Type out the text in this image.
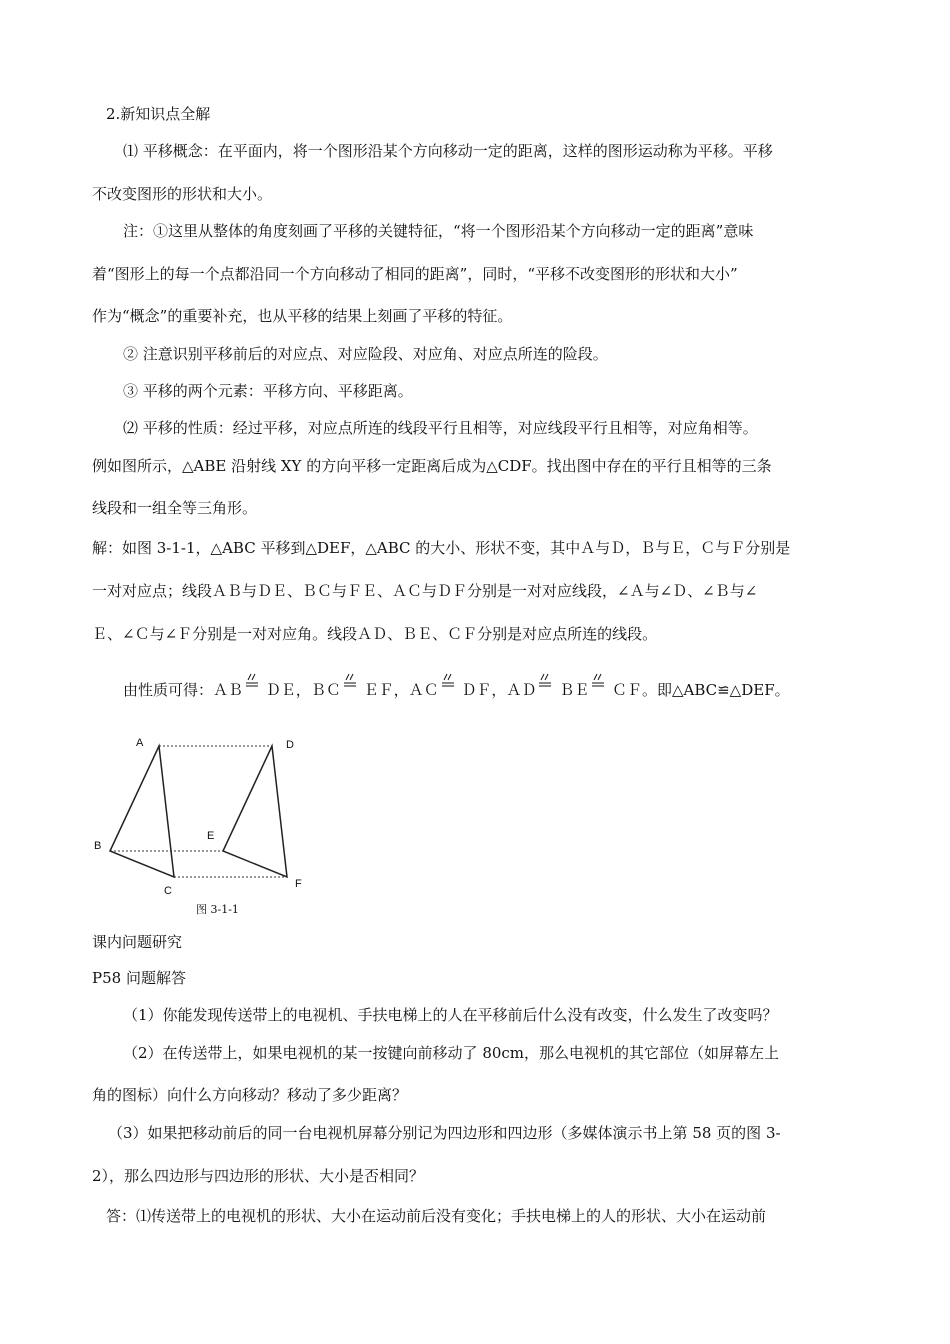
2.新知识点全解
⑴ 平移概念：在平面内，将一个图形沿某个方向移动一定的距离，这样的图形运动称为平移。平移
不改变图形的形状和大小。
注：①这里从整体的角度刻画了平移的关键特征，“将一个图形沿某个方向移动一定的距离”意味
着“图形上的每一个点都沿同一个方向移动了相同的距离”，同时，“平移不改变图形的形状和大小”
作为“概念”的重要补充，也从平移的结果上刻画了平移的特征。
② 注意识别平移前后的对应点、对应险段、对应角、对应点所连的险段。
③ 平移的两个元素：平移方向、平移距离。
⑵ 平移的性质：经过平移，对应点所连的线段平行且相等，对应线段平行且相等，对应角相等。
例如图所示，△ABE 沿射线 XY 的方向平移一定距离后成为△CDF。找出图中存在的平行且相等的三条
线段和一组全等三角形。
解：如图 3-1-1，△ABC 平移到△DEF，△ABC 的大小、形状不变，其中Ａ与Ｄ，Ｂ与Ｅ，Ｃ与Ｆ分别是
一对对应点；线段ＡＢ与ＤＥ、ＢＣ与ＦＥ、ＡＣ与ＤＦ分别是一对对应线段，∠Ａ与∠Ｄ、∠Ｂ与∠
Ｅ、∠Ｃ与∠Ｆ分别是一对对应角。线段ＡＤ、ＢＥ、ＣＦ分别是对应点所连的线段。
由性质可得：ＡＢ
ＤＥ，ＢＣ
ＥＦ，ＡＣ
ＤＦ，ＡＤ
ＢＥ
ＣＦ。即△ABC≌△DEF。
A	D
E
B
C
F
图 3-1-1
课内问题研究
P58 问题解答
（1）你能发现传送带上的电视机、手扶电梯上的人在平移前后什么没有改变，什么发生了改变吗？
（2）在传送带上，如果电视机的某一按键向前移动了 80cm，那么电视机的其它部位（如屏幕左上
角的图标）向什么方向移动？移动了多少距离？
（3）如果把移动前后的同一台电视机屏幕分别记为四边形和四边形（多媒体演示书上第 58 页的图 3-
2），那么四边形与四边形的形状、大小是否相同？
答：⑴传送带上的电视机的形状、大小在运动前后没有变化；手扶电梯上的人的形状、大小在运动前
